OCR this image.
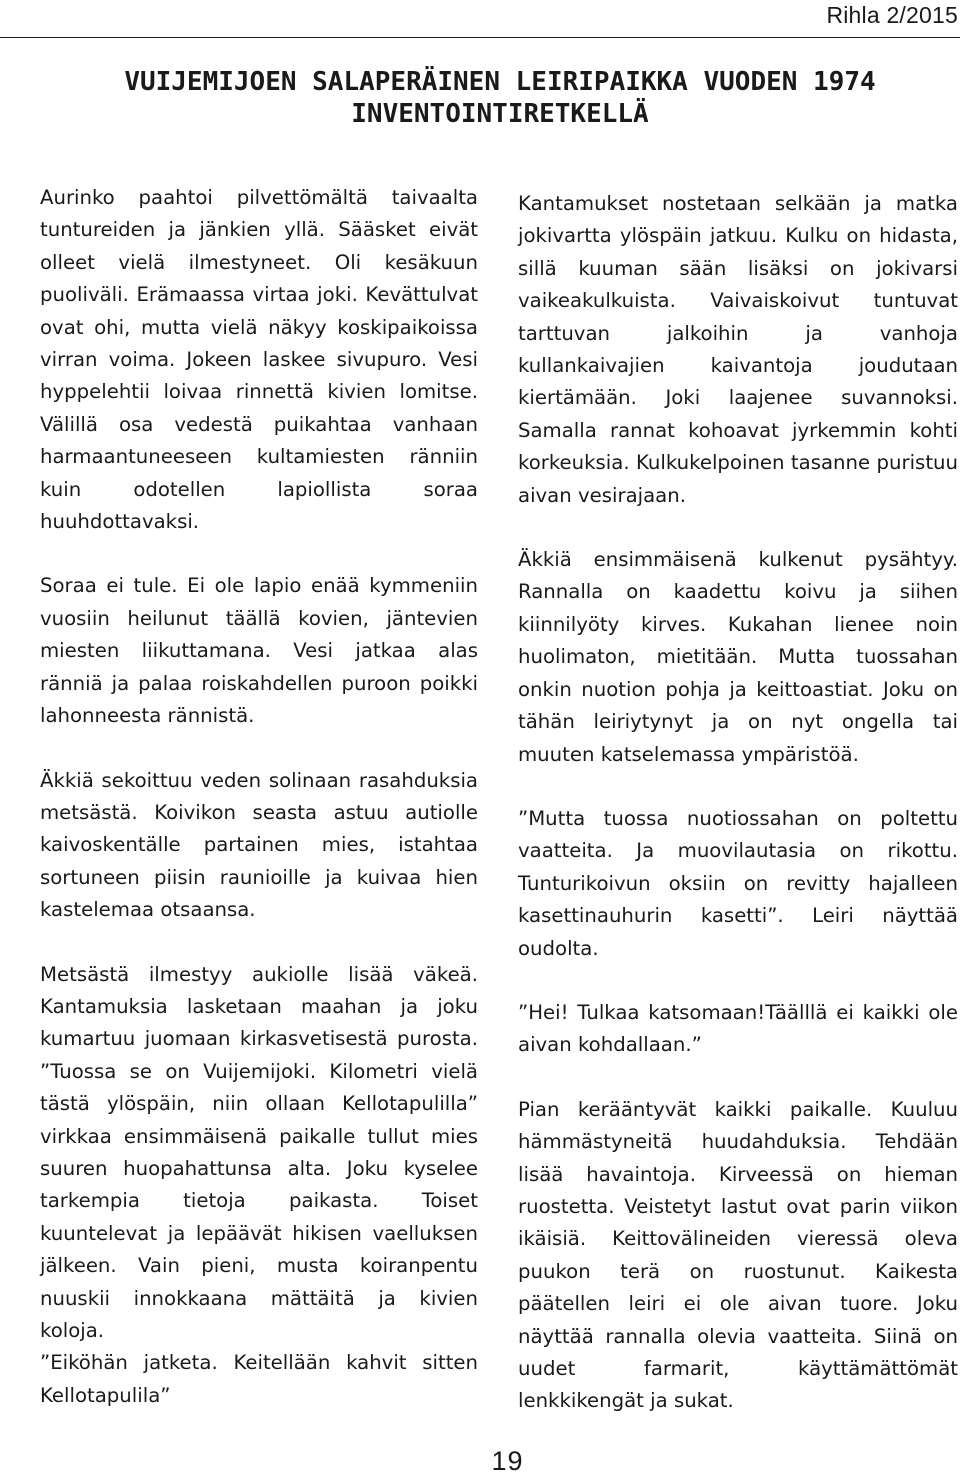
Rihla 2/2015
VUIJEMIJOEN SALAPERÄINEN LEIRIPAIKKA VUODEN 1974
INVENTOINTIRETKELLÄ

Aurinko paahtoi pilvettömältä taivaalta tuntureiden ja jänkien yllä. Sääsket eivät olleet vielä ilmestyneet. Oli kesäkuun puoliväli. Erämaassa virtaa joki. Kevättulvat ovat ohi, mutta vielä näkyy koskipaikoissa virran voima. Jokeen laskee sivupuro. Vesi hyppelehtii loivaa rinnettä kivien lomitse. Välillä osa vedestä puikahtaa vanhaan harmaantuneeseen kultamiesten ränniin kuin odotellen lapiollista soraa huuhdottavaksi.

Soraa ei tule. Ei ole lapio enää kymmeniin vuosiin heilunut täällä kovien, jäntevien miesten liikuttamana. Vesi jatkaa alas ränniä ja palaa roiskahdellen puroon poikki lahonneesta rännistä.

Äkkiä sekoittuu veden solinaan rasahduksia metsästä. Koivikon seasta astuu autiolle kaivoskentälle partainen mies, istahtaa sortuneen piisin raunioille ja kuivaa hien kastelemaa otsaansa.

Metsästä ilmestyy aukiolle lisää väkeä. Kantamuksia lasketaan maahan ja joku kumartuu juomaan kirkasvetisestä purosta. ”Tuossa se on Vuijemijoki. Kilometri vielä tästä ylöspäin, niin ollaan Kellotapulilla” virkkaa ensimmäisenä paikalle tullut mies suuren huopahattunsa alta. Joku kyselee tarkempia tietoja paikasta. Toiset kuuntelevat ja lepäävät hikisen vaelluksen jälkeen. Vain pieni, musta koiranpentu nuuskii innokkaana mättäitä ja kivien koloja.

”Eiköhän jatketa. Keitellään kahvit sitten Kellotapulila”

Kantamukset nostetaan selkään ja matka jokivartta ylöspäin jatkuu. Kulku on hidasta, sillä kuuman sään lisäksi on jokivarsi vaikeakulkuista. Vaivaiskoivut tuntuvat tarttuvan jalkoihin ja vanhoja kullankaivajien kaivantoja joudutaan kiertämään. Joki laajenee suvannoksi. Samalla rannat kohoavat jyrkemmin kohti korkeuksia. Kulkukelpoinen tasanne puristuu aivan vesirajaan.

Äkkiä ensimmäisenä kulkenut pysähtyy. Rannalla on kaadettu koivu ja siihen kiinnilyöty kirves. Kukahan lienee noin huolimaton, mietitään. Mutta tuossahan onkin nuotion pohja ja keittoastiat. Joku on tähän leiriytynyt ja on nyt ongella tai muuten katselemassa ympäristöä.

”Mutta tuossa nuotiossahan on poltettu vaatteita. Ja muovilautasia on rikottu. Tunturikoivun oksiin on revitty hajalleen kasettinauhurin kasetti”. Leiri näyttää oudolta.

”Hei! Tulkaa katsomaan!Täälllä ei kaikki ole aivan kohdallaan.”

Pian kerääntyvät kaikki paikalle. Kuuluu hämmästyneitä huudahduksia. Tehdään lisää havaintoja. Kirveessä on hieman ruostetta. Veistetyt lastut ovat parin viikon ikäisiä. Keittovälineiden vieressä oleva puukon terä on ruostunut. Kaikesta päätellen leiri ei ole aivan tuore. Joku näyttää rannalla olevia vaatteita. Siinä on uudet farmarit, käyttämättömät lenkkikengät ja sukat.

19
